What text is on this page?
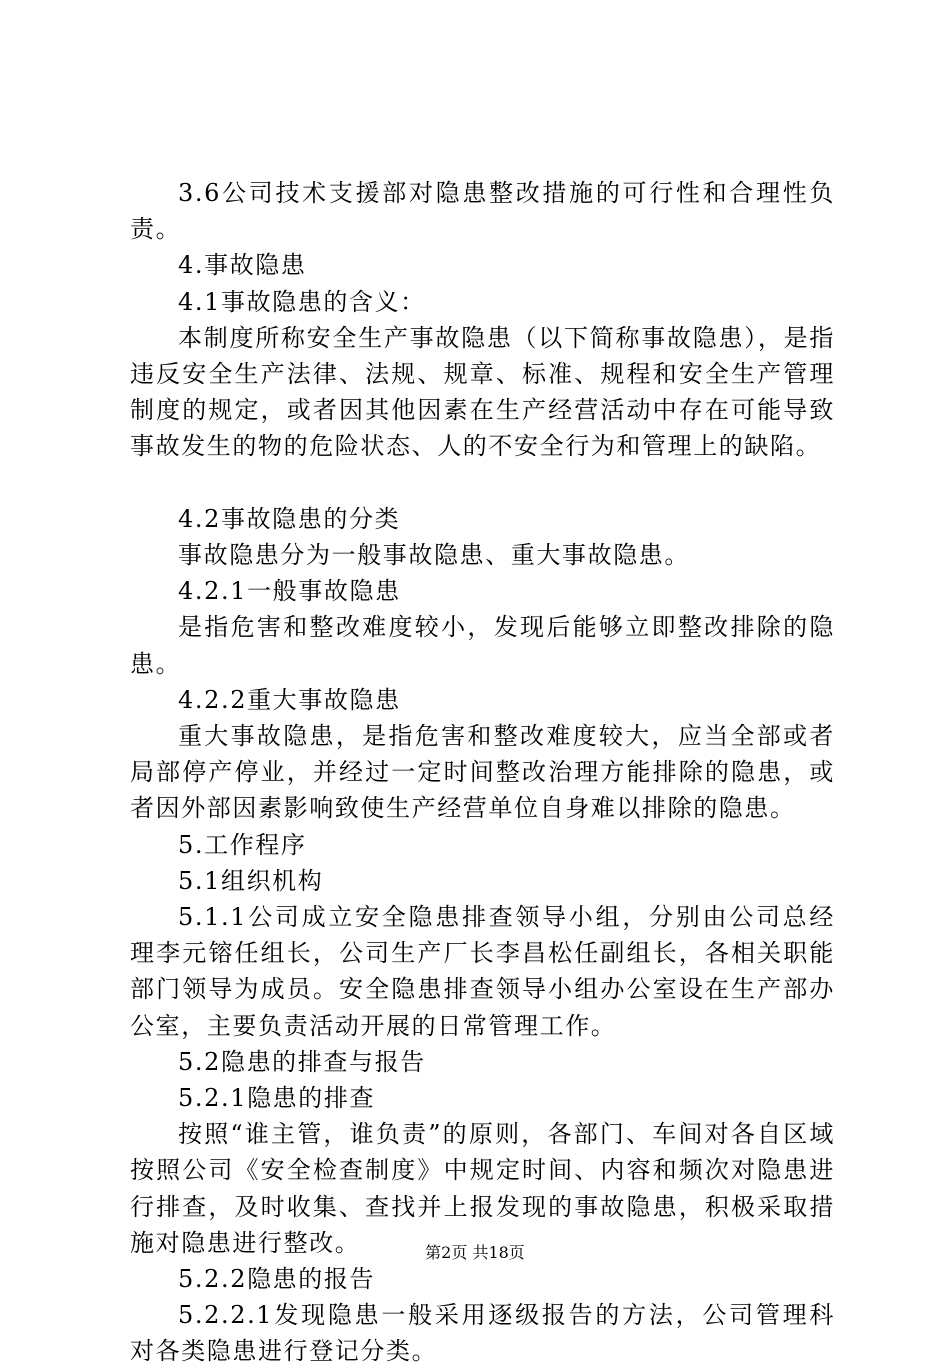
3.6公司技术支援部对隐患整改措施的可行性和合理性负责。

4.事故隐患

4.1事故隐患的含义：

本制度所称安全生产事故隐患（以下简称事故隐患），是指违反安全生产法律、法规、规章、标准、规程和安全生产管理制度的规定，或者因其他因素在生产经营活动中存在可能导致事故发生的物的危险状态、人的不安全行为和管理上的缺陷。

4.2事故隐患的分类

事故隐患分为一般事故隐患、重大事故隐患。

4.2.1一般事故隐患

是指危害和整改难度较小，发现后能够立即整改排除的隐患。

4.2.2重大事故隐患

重大事故隐患，是指危害和整改难度较大，应当全部或者局部停产停业，并经过一定时间整改治理方能排除的隐患，或者因外部因素影响致使生产经营单位自身难以排除的隐患。

5.工作程序

5.1组织机构

5.1.1公司成立安全隐患排查领导小组，分别由公司总经理李元镕任组长，公司生产厂长李昌松任副组长，各相关职能部门领导为成员。安全隐患排查领导小组办公室设在生产部办公室，主要负责活动开展的日常管理工作。

5.2隐患的排查与报告

5.2.1隐患的排查

按照“谁主管，谁负责”的原则，各部门、车间对各自区域按照公司《安全检查制度》中规定时间、内容和频次对隐患进行排查，及时收集、查找并上报发现的事故隐患，积极采取措施对隐患进行整改。

5.2.2隐患的报告

5.2.2.1发现隐患一般采用逐级报告的方法，公司管理科对各类隐患进行登记分类。

第2页 共18页
